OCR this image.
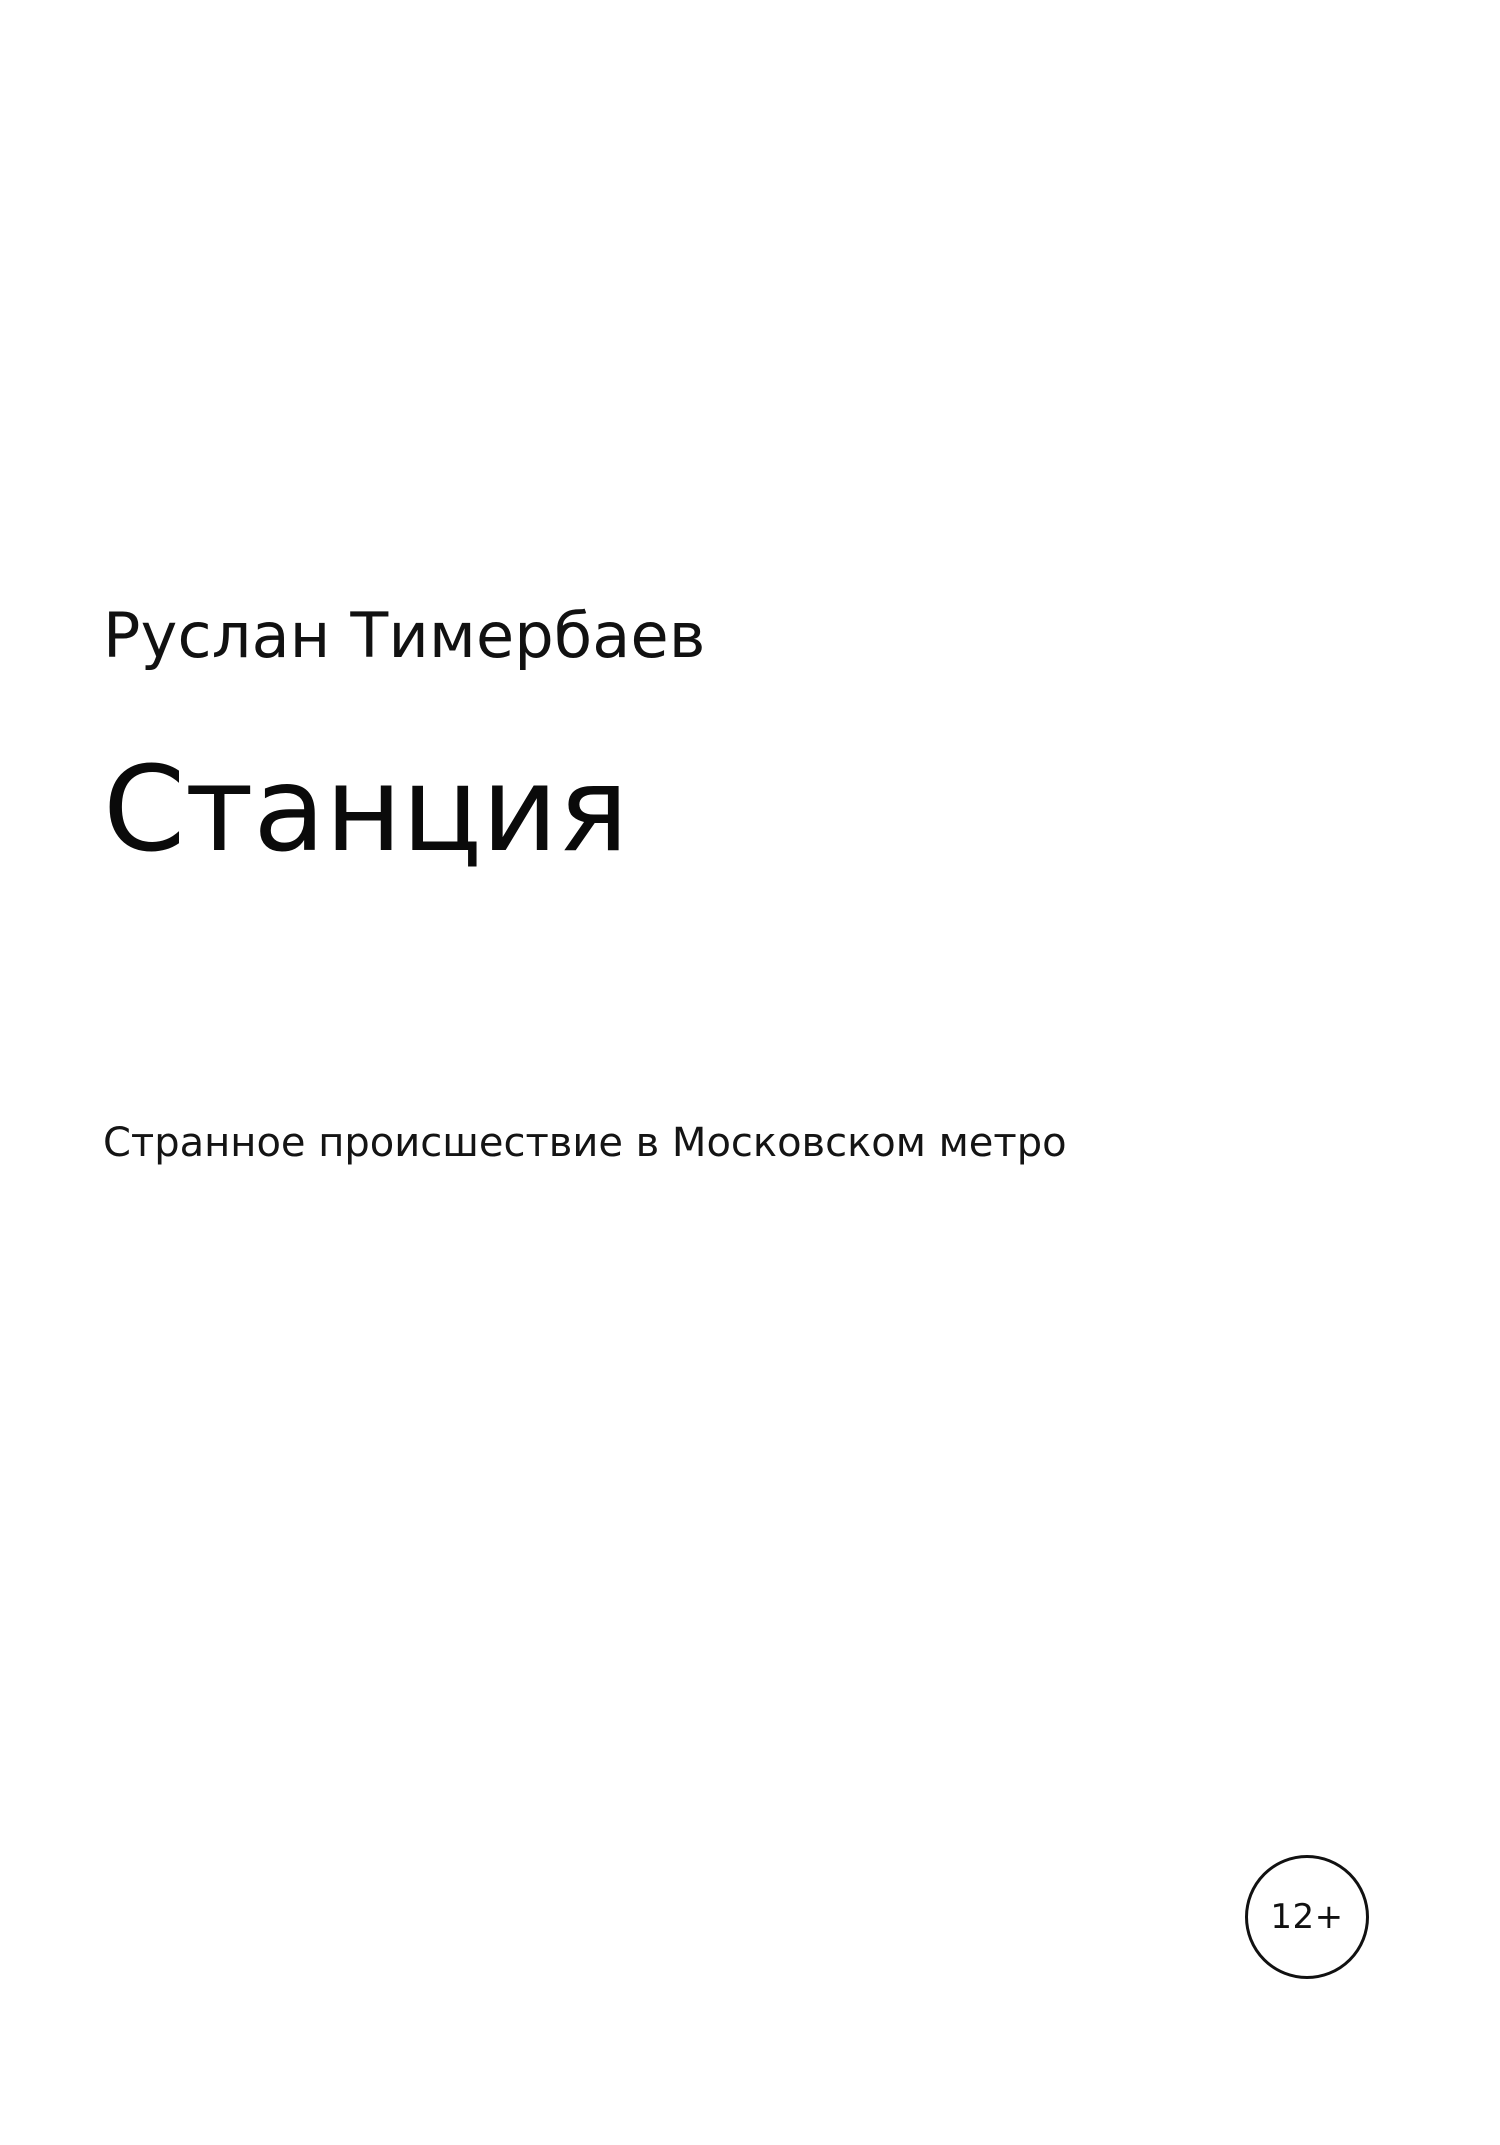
Руслан Тимербаев

Станция

Странное происшествие в Московском метро

12+
